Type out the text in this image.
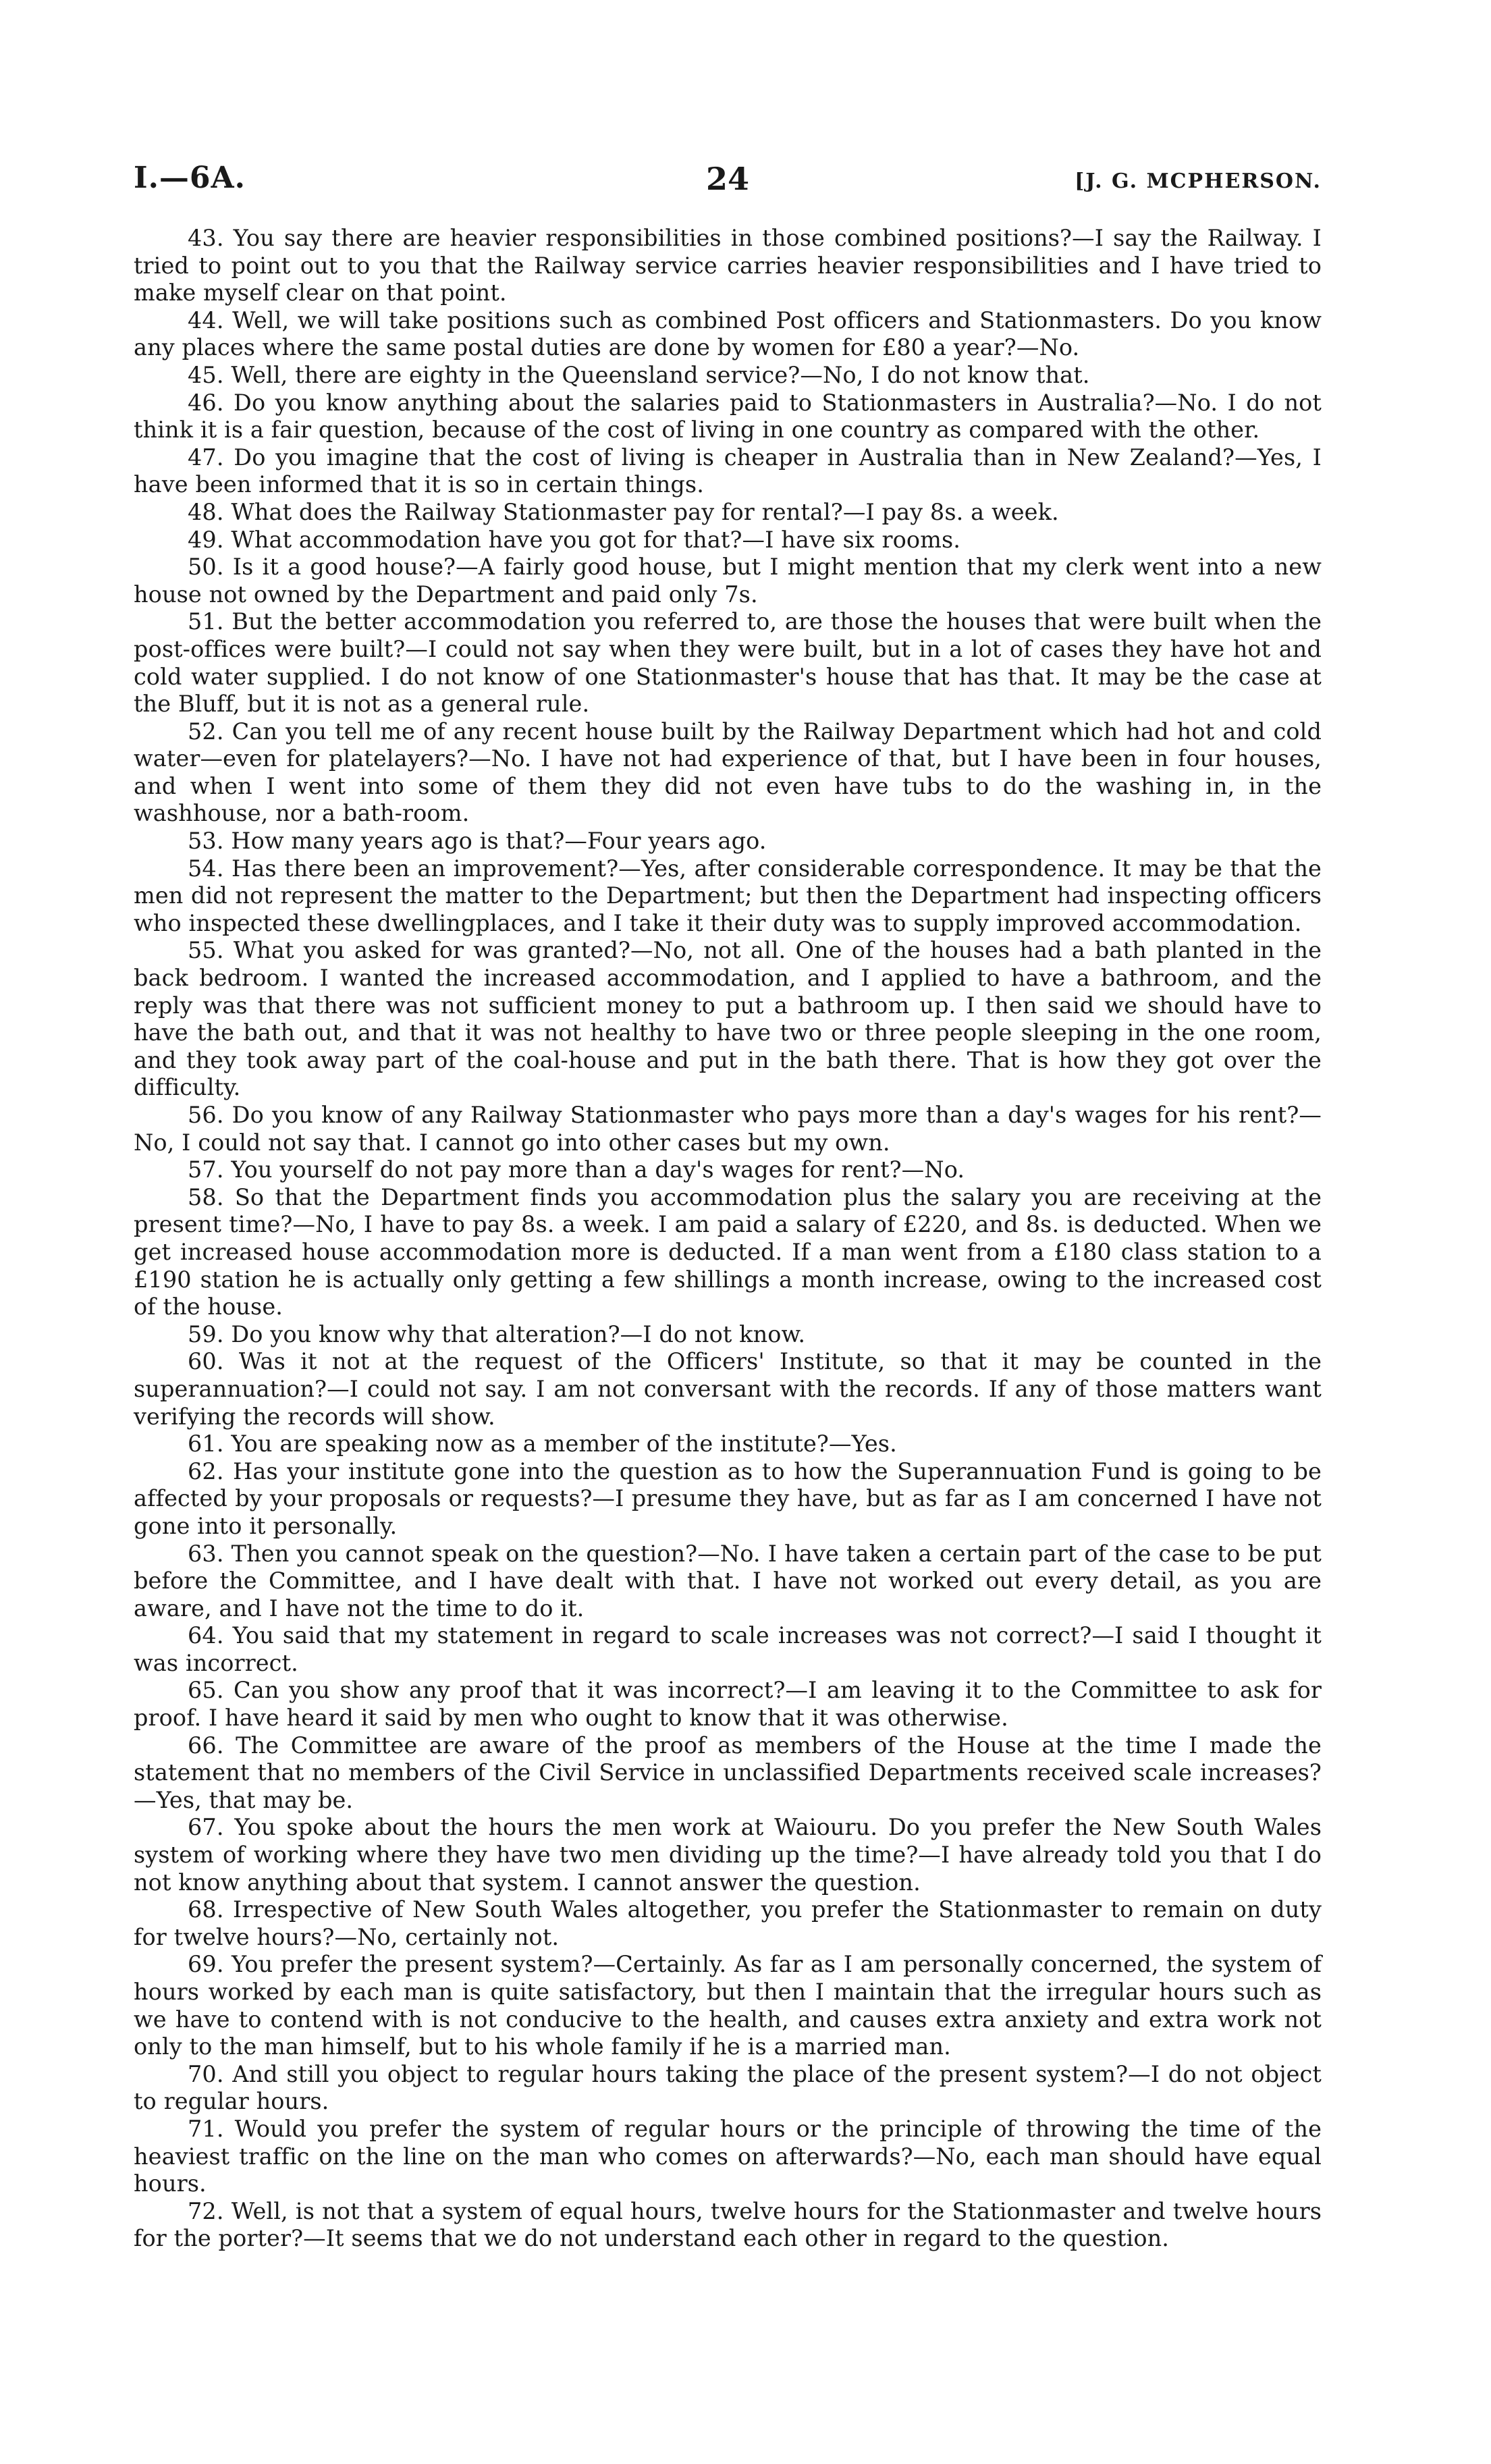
I.—6A.	24	[J. G. MCPHERSON.

43. You say there are heavier responsibilities in those combined positions?—I say the Railway. I tried to point out to you that the Railway service carries heavier responsibilities and I have tried to make myself clear on that point.

44. Well, we will take positions such as combined Post officers and Stationmasters. Do you know any places where the same postal duties are done by women for £80 a year?—No.

45. Well, there are eighty in the Queensland service?—No, I do not know that.

46. Do you know anything about the salaries paid to Stationmasters in Australia?—No. I do not think it is a fair question, because of the cost of living in one country as compared with the other.

47. Do you imagine that the cost of living is cheaper in Australia than in New Zealand?—Yes, I have been informed that it is so in certain things.

48. What does the Railway Stationmaster pay for rental?—I pay 8s. a week.

49. What accommodation have you got for that?—I have six rooms.

50. Is it a good house?—A fairly good house, but I might mention that my clerk went into a new house not owned by the Department and paid only 7s.

51. But the better accommodation you referred to, are those the houses that were built when the post-offices were built?—I could not say when they were built, but in a lot of cases they have hot and cold water supplied. I do not know of one Stationmaster's house that has that. It may be the case at the Bluff, but it is not as a general rule.

52. Can you tell me of any recent house built by the Railway Department which had hot and cold water—even for platelayers?—No. I have not had experience of that, but I have been in four houses, and when I went into some of them they did not even have tubs to do the washing in, in the washhouse, nor a bath-room.

53. How many years ago is that?—Four years ago.

54. Has there been an improvement?—Yes, after considerable correspondence. It may be that the men did not represent the matter to the Department; but then the Department had inspecting officers who inspected these dwellingplaces, and I take it their duty was to supply improved accommodation.

55. What you asked for was granted?—No, not all. One of the houses had a bath planted in the back bedroom. I wanted the increased accommodation, and I applied to have a bathroom, and the reply was that there was not sufficient money to put a bathroom up. I then said we should have to have the bath out, and that it was not healthy to have two or three people sleeping in the one room, and they took away part of the coal-house and put in the bath there. That is how they got over the difficulty.

56. Do you know of any Railway Stationmaster who pays more than a day's wages for his rent?—No, I could not say that. I cannot go into other cases but my own.

57. You yourself do not pay more than a day's wages for rent?—No.

58. So that the Department finds you accommodation plus the salary you are receiving at the present time?—No, I have to pay 8s. a week. I am paid a salary of £220, and 8s. is deducted. When we get increased house accommodation more is deducted. If a man went from a £180 class station to a £190 station he is actually only getting a few shillings a month increase, owing to the increased cost of the house.

59. Do you know why that alteration?—I do not know.

60. Was it not at the request of the Officers' Institute, so that it may be counted in the superannuation?—I could not say. I am not conversant with the records. If any of those matters want verifying the records will show.

61. You are speaking now as a member of the institute?—Yes.

62. Has your institute gone into the question as to how the Superannuation Fund is going to be affected by your proposals or requests?—I presume they have, but as far as I am concerned I have not gone into it personally.

63. Then you cannot speak on the question?—No. I have taken a certain part of the case to be put before the Committee, and I have dealt with that. I have not worked out every detail, as you are aware, and I have not the time to do it.

64. You said that my statement in regard to scale increases was not correct?—I said I thought it was incorrect.

65. Can you show any proof that it was incorrect?—I am leaving it to the Committee to ask for proof. I have heard it said by men who ought to know that it was otherwise.

66. The Committee are aware of the proof as members of the House at the time I made the statement that no members of the Civil Service in unclassified Departments received scale increases?—Yes, that may be.

67. You spoke about the hours the men work at Waiouru. Do you prefer the New South Wales system of working where they have two men dividing up the time?—I have already told you that I do not know anything about that system. I cannot answer the question.

68. Irrespective of New South Wales altogether, you prefer the Stationmaster to remain on duty for twelve hours?—No, certainly not.

69. You prefer the present system?—Certainly. As far as I am personally concerned, the system of hours worked by each man is quite satisfactory, but then I maintain that the irregular hours such as we have to contend with is not conducive to the health, and causes extra anxiety and extra work not only to the man himself, but to his whole family if he is a married man.

70. And still you object to regular hours taking the place of the present system?—I do not object to regular hours.

71. Would you prefer the system of regular hours or the principle of throwing the time of the heaviest traffic on the line on the man who comes on afterwards?—No, each man should have equal hours.

72. Well, is not that a system of equal hours, twelve hours for the Stationmaster and twelve hours for the porter?—It seems that we do not understand each other in regard to the question.
